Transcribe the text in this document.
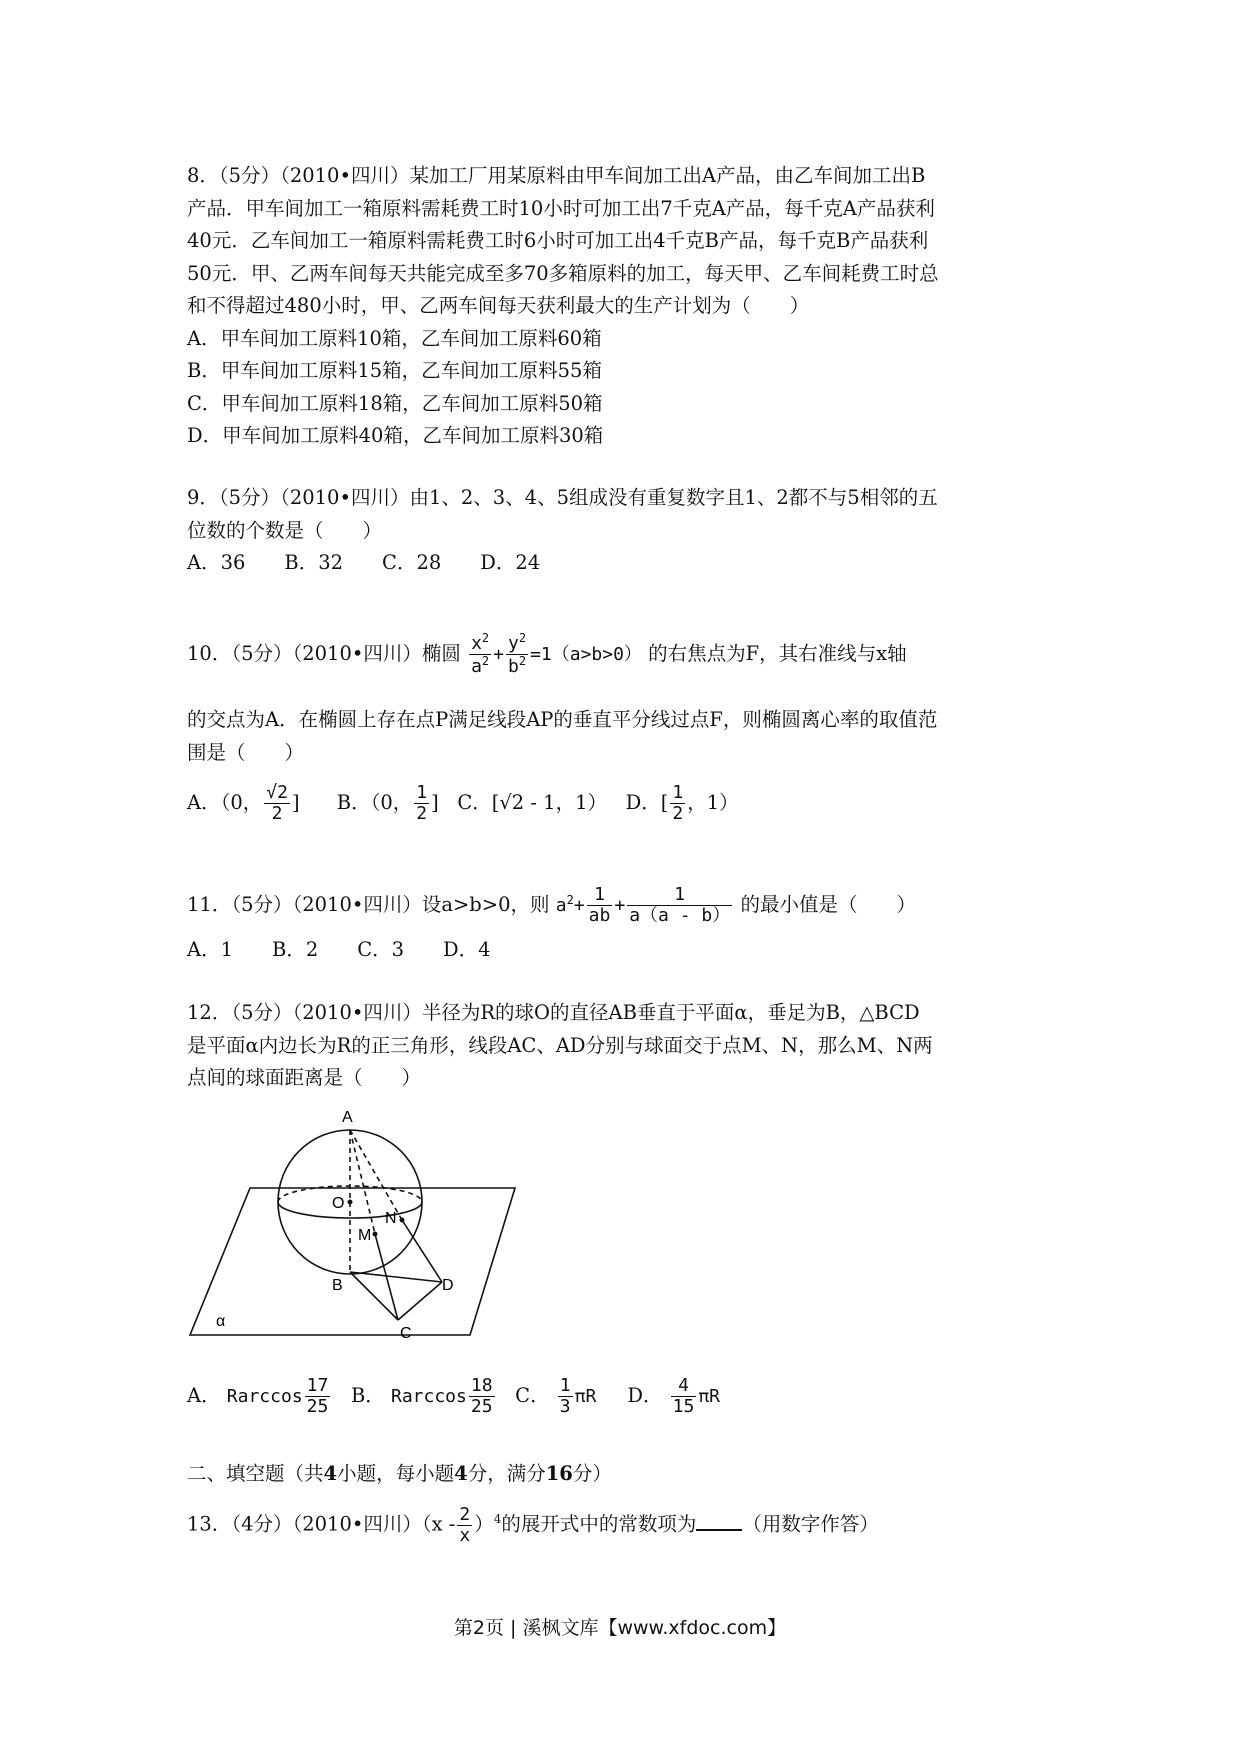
8．（5分）（2010•四川）某加工厂用某原料由甲车间加工出A产品，由乙车间加工出B
产品．甲车间加工一箱原料需耗费工时10小时可加工出7千克A产品，每千克A产品获利
40元．乙车间加工一箱原料需耗费工时6小时可加工出4千克B产品，每千克B产品获利
50元．甲、乙两车间每天共能完成至多70多箱原料的加工，每天甲、乙车间耗费工时总
和不得超过480小时，甲、乙两车间每天获利最大的生产计划为（　　）
A．甲车间加工原料10箱，乙车间加工原料60箱
B．甲车间加工原料15箱，乙车间加工原料55箱
C．甲车间加工原料18箱，乙车间加工原料50箱
D．甲车间加工原料40箱，乙车间加工原料30箱
9．（5分）（2010•四川）由1、2、3、4、5组成没有重复数字且1、2都不与5相邻的五
位数的个数是（　　）
A．36　　B．32　　C．28　　D．24
10．（5分）（2010•四川）椭圆 $\frac{x^2}{a^2} + \frac{y^2}{b^2} =1(a>b>0)$ 的右焦点为F，其右准线与x轴
的交点为A．在椭圆上存在点P满足线段AP的垂直平分线过点F，则椭圆离心率的取值范
围是（　　）
A．（0， $\frac{√2}{2}$ ] B．（0， $\frac{1}{2}$ ] C．[√2 - 1，1） D．[ $\frac{1}{2}$ ，1）
11．（5分）（2010•四川）设a>b>0，则 $a^2+ \frac{1}{ab} + \frac{1}{a(a - b)}$ 的最小值是（　　）
A．1　　B．2　　C．3　　D．4
12．（5分）（2010•四川）半径为R的球O的直径AB垂直于平面α，垂足为B，△BCD
是平面α内边长为R的正三角形，线段AC、AD分别与球面交于点M、N，那么M、N两
点间的球面距离是（　　）
A
O
M
N
B
C
D
α
A． Rarccos $\frac{17}{25}$ B． Rarccos $\frac{18}{25}$ C． $\frac{1}{3}$ πR D． $\frac{4}{15}$ πR
二、填空题（共4小题，每小题4分，满分16分）
13．（4分）（2010•四川）$(x - \frac{2}{x} )^4$的展开式中的常数项为 （用数字作答）
第2页 | 溪枫文库【www.xfdoc.com】
